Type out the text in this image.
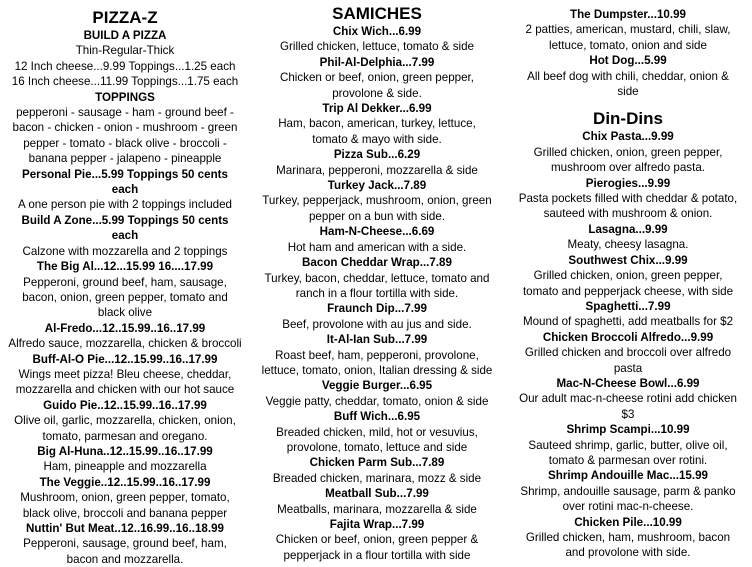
PIZZA-Z
BUILD A PIZZA
Thin-Regular-Thick
12 Inch cheese...9.99 Toppings...1.25 each
16 Inch cheese...11.99 Toppings...1.75 each
TOPPINGS
pepperoni - sausage - ham - ground beef -
bacon - chicken - onion - mushroom - green
pepper - tomato - black olive - broccoli -
banana pepper - jalapeno - pineapple
Personal Pie...5.99 Toppings 50 cents
each
A one person pie with 2 toppings included
Build A Zone...5.99 Toppings 50 cents
each
Calzone with mozzarella and 2 toppings
The Big Al...12...15.99 16....17.99
Pepperoni, ground beef, ham, sausage,
bacon, onion, green pepper, tomato and
black olive
Al-Fredo...12..15.99..16..17.99
Alfredo sauce, mozzarella, chicken & broccoli
Buff-Al-O Pie...12..15.99..16..17.99
Wings meet pizza! Bleu cheese, cheddar,
mozzarella and chicken with our hot sauce
Guido Pie..12..15.99..16..17.99
Olive oil, garlic, mozzarella, chicken, onion,
tomato, parmesan and oregano.
Big Al-Huna..12..15.99..16..17.99
Ham, pineapple and mozzarella
The Veggie..12..15.99..16..17.99
Mushroom, onion, green pepper, tomato,
black olive, broccoli and banana pepper
Nuttin' But Meat..12..16.99..16..18.99
Pepperoni, sausage, ground beef, ham,
bacon and mozzarella.
SAMICHES
Chix Wich...6.99
Grilled chicken, lettuce, tomato & side
Phil-Al-Delphia...7.99
Chicken or beef, onion, green pepper,
provolone & side.
Trip Al Dekker...6.99
Ham, bacon, american, turkey, lettuce,
tomato & mayo with side.
Pizza Sub...6.29
Marinara, pepperoni, mozzarella & side
Turkey Jack...7.89
Turkey, pepperjack, mushroom, onion, green
pepper on a bun with side.
Ham-N-Cheese...6.69
Hot ham and american with a side.
Bacon Cheddar Wrap...7.89
Turkey, bacon, cheddar, lettuce, tomato and
ranch in a flour tortilla with side.
Fraunch Dip...7.99
Beef, provolone with au jus and side.
It-Al-Ian Sub...7.99
Roast beef, ham, pepperoni, provolone,
lettuce, tomato, onion, Italian dressing & side
Veggie Burger...6.95
Veggie patty, cheddar, tomato, onion & side
Buff Wich...6.95
Breaded chicken, mild, hot or vesuvius,
provolone, tomato, lettuce and side
Chicken Parm Sub...7.89
Breaded chicken, marinara, mozz & side
Meatball Sub...7.99
Meatballs, marinara, mozzarella & side
Fajita Wrap...7.99
Chicken or beef, onion, green pepper &
pepperjack in a flour tortilla with side
The Dumpster...10.99
2 patties, american, mustard, chili, slaw,
lettuce, tomato, onion and side
Hot Dog...5.99
All beef dog with chili, cheddar, onion &
side
Din-Dins
Chix Pasta...9.99
Grilled chicken, onion, green pepper,
mushroom over alfredo pasta.
Pierogies...9.99
Pasta pockets filled with cheddar & potato,
sauteed with mushroom & onion.
Lasagna...9.99
Meaty, cheesy lasagna.
Southwest Chix...9.99
Grilled chicken, onion, green pepper,
tomato and pepperjack cheese, with side
Spaghetti...7.99
Mound of spaghetti, add meatballs for $2
Chicken Broccoli Alfredo...9.99
Grilled chicken and broccoli over alfredo
pasta
Mac-N-Cheese Bowl...6.99
Our adult mac-n-cheese rotini add chicken
$3
Shrimp Scampi...10.99
Sauteed shrimp, garlic, butter, olive oil,
tomato & parmesan over rotini.
Shrimp Andouille Mac...15.99
Shrimp, andouille sausage, parm & panko
over rotini mac-n-cheese.
Chicken Pile...10.99
Grilled chicken, ham, mushroom, bacon
and provolone with side.
